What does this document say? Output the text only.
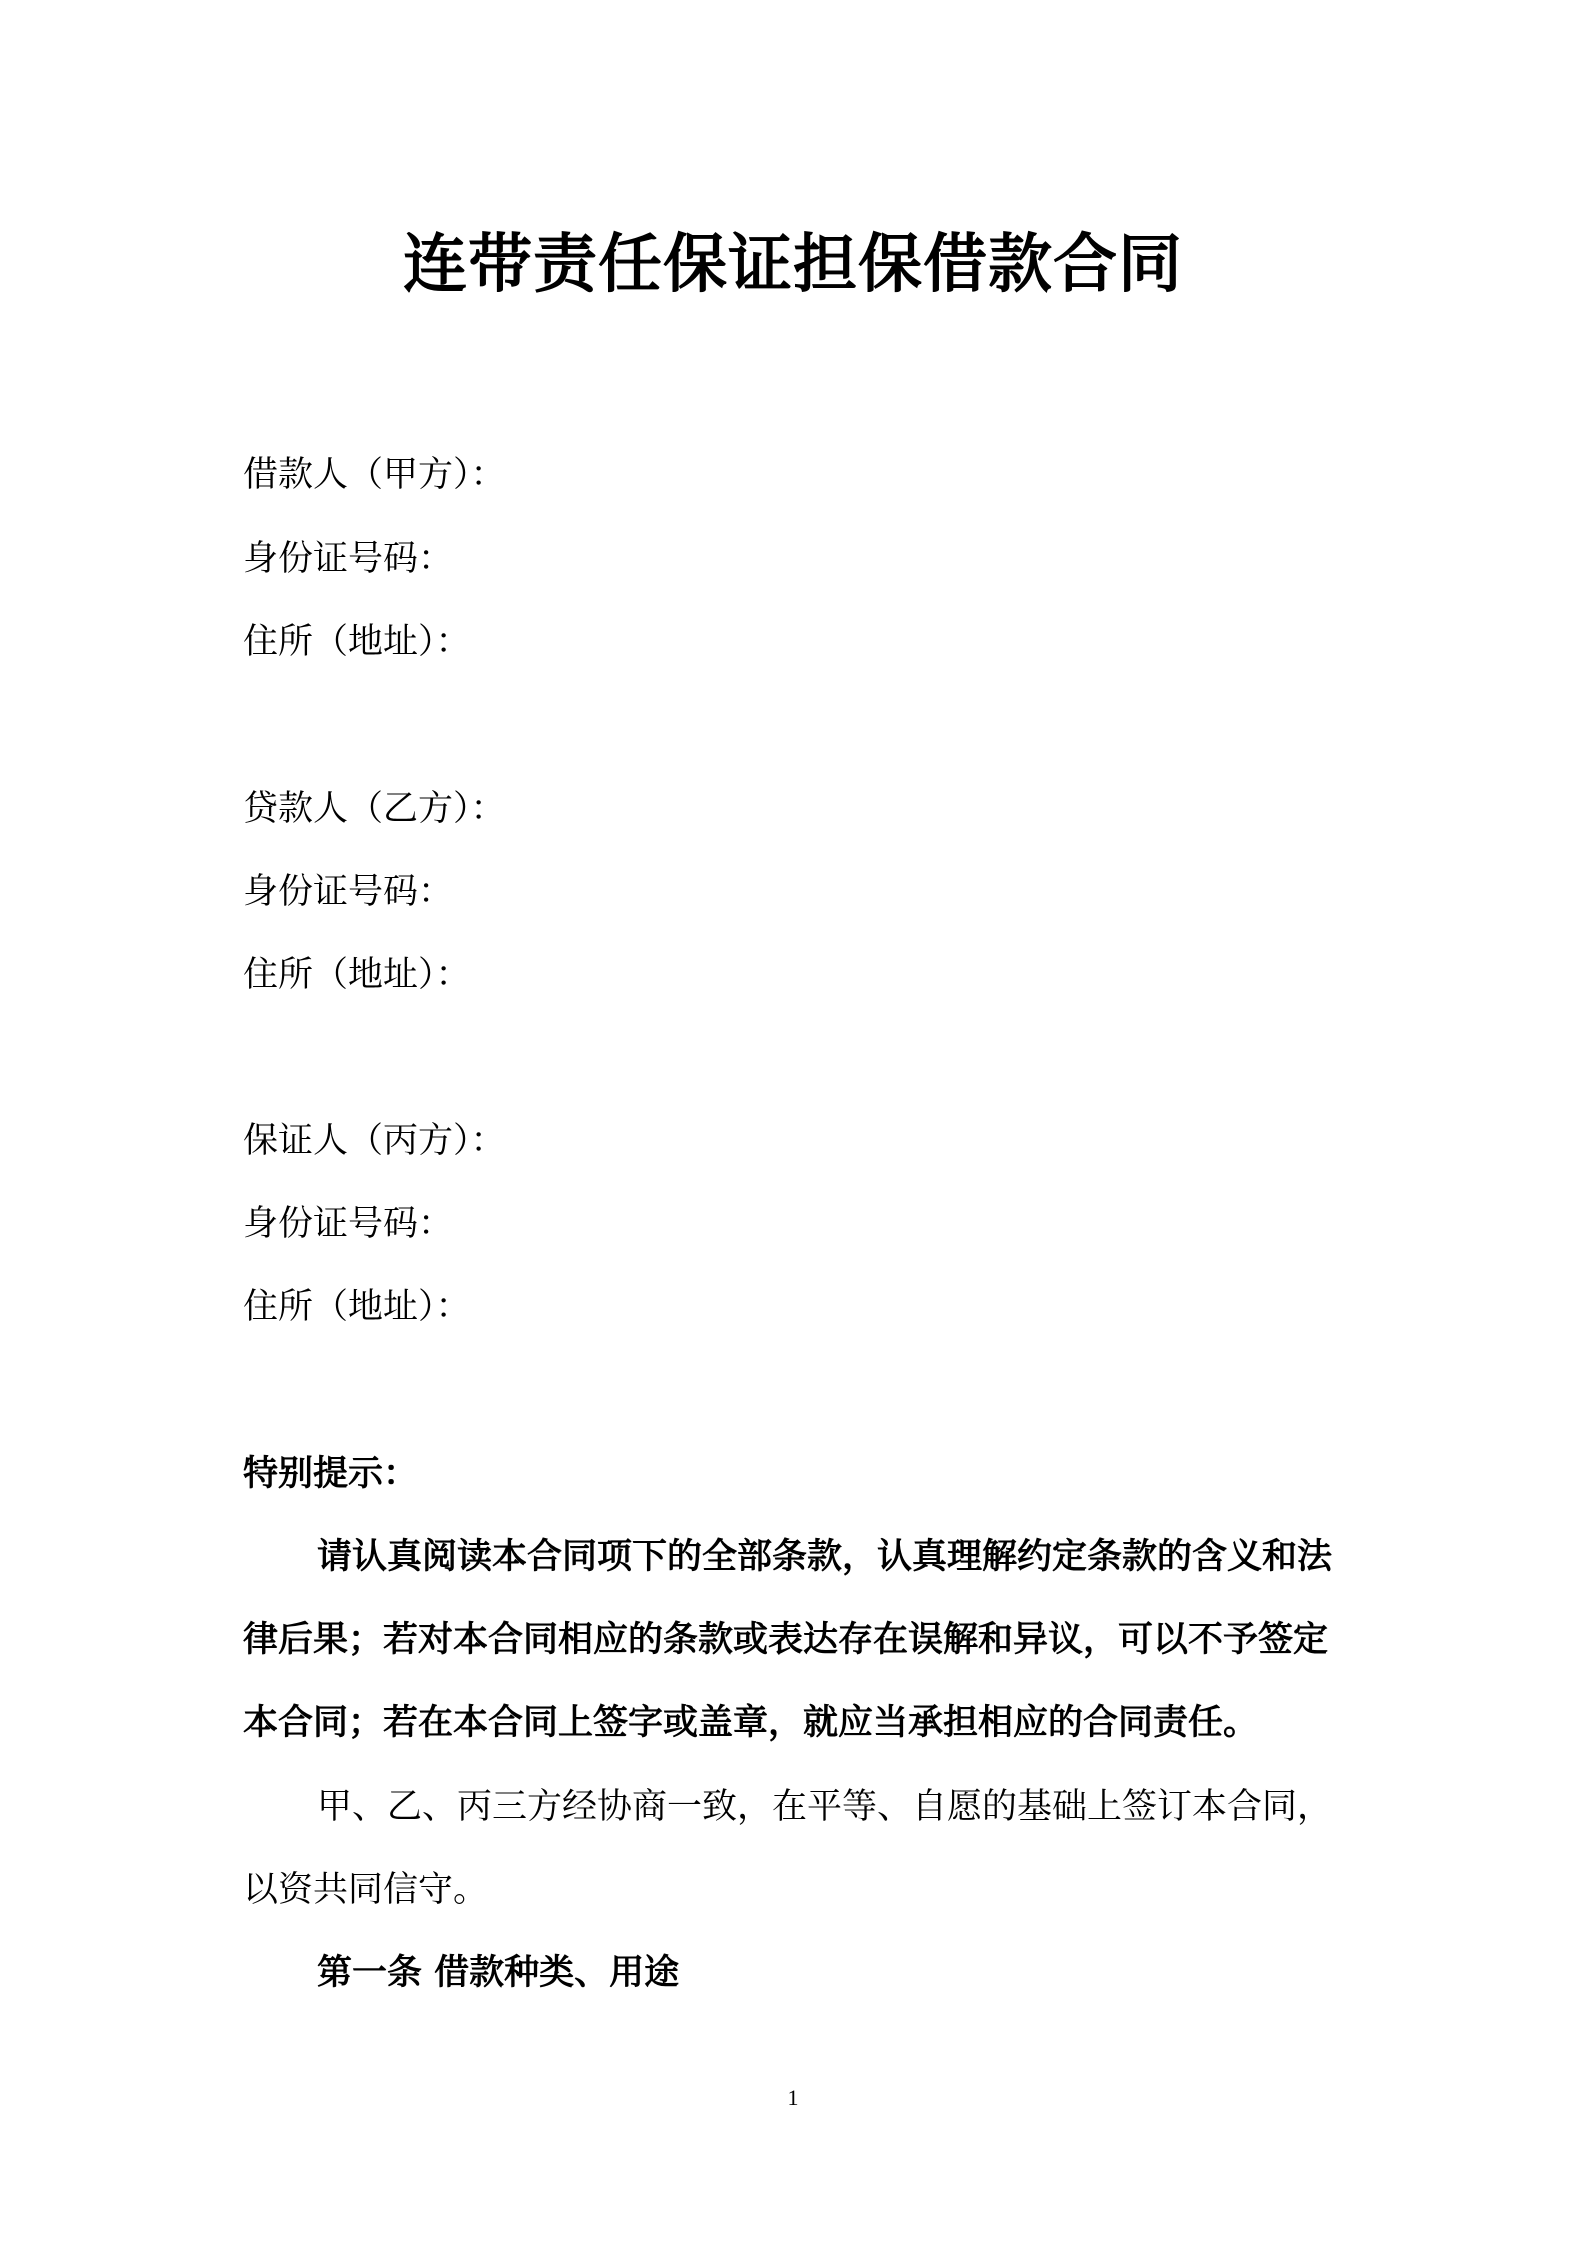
连带责任保证担保借款合同
借款人（甲方）：
身份证号码：
住所（地址）：
贷款人（乙方）：
身份证号码：
住所（地址）：
保证人（丙方）：
身份证号码：
住所（地址）：
特别提示：
请认真阅读本合同项下的全部条款，认真理解约定条款的含义和法
律后果；若对本合同相应的条款或表达存在误解和异议，可以不予签定
本合同；若在本合同上签字或盖章，就应当承担相应的合同责任。
甲、乙、丙三方经协商一致，在平等、自愿的基础上签订本合同，
以资共同信守。
第一条 借款种类、用途
1
